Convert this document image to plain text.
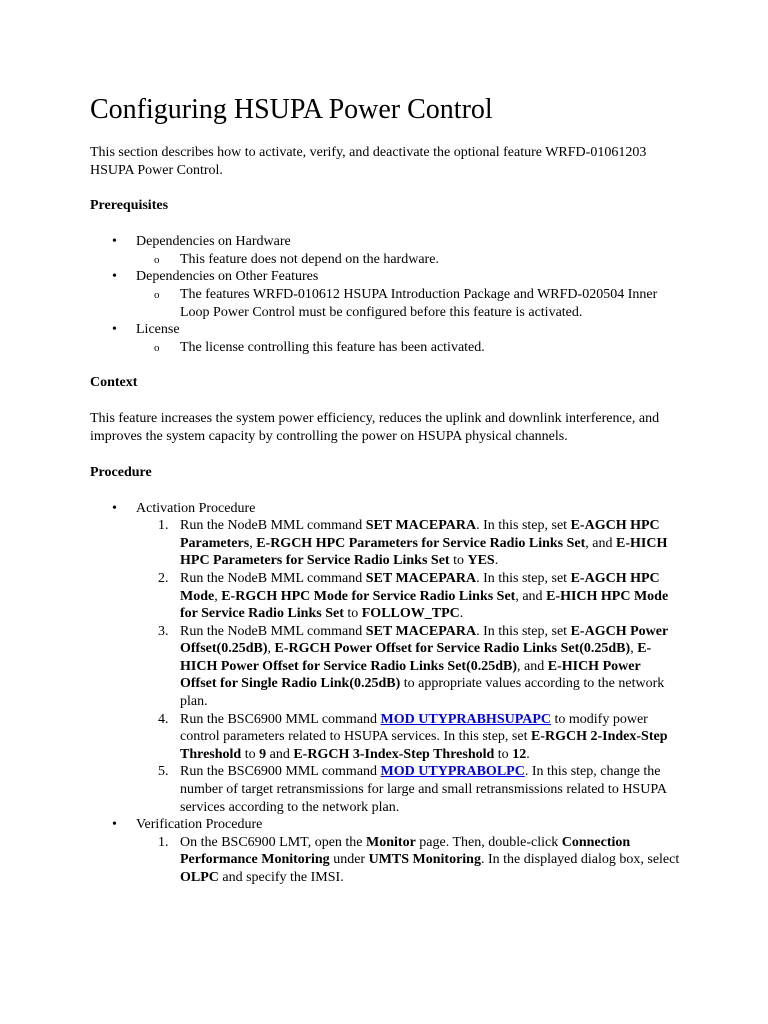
Configuring HSUPA Power Control

This section describes how to activate, verify, and deactivate the optional feature WRFD-01061203 HSUPA Power Control.

Prerequisites
• Dependencies on Hardware
o This feature does not depend on the hardware.
• Dependencies on Other Features
o The features WRFD-010612 HSUPA Introduction Package and WRFD-020504 Inner Loop Power Control must be configured before this feature is activated.
• License
o The license controlling this feature has been activated.
Context

This feature increases the system power efficiency, reduces the uplink and downlink interference, and improves the system capacity by controlling the power on HSUPA physical channels.

Procedure
• Activation Procedure
1. Run the NodeB MML command SET MACEPARA. In this step, set E-AGCH HPC Parameters, E-RGCH HPC Parameters for Service Radio Links Set, and E-HICH HPC Parameters for Service Radio Links Set to YES.
2. Run the NodeB MML command SET MACEPARA. In this step, set E-AGCH HPC Mode, E-RGCH HPC Mode for Service Radio Links Set, and E-HICH HPC Mode for Service Radio Links Set to FOLLOW_TPC.
3. Run the NodeB MML command SET MACEPARA. In this step, set E-AGCH Power Offset(0.25dB), E-RGCH Power Offset for Service Radio Links Set(0.25dB), E-HICH Power Offset for Service Radio Links Set(0.25dB), and E-HICH Power Offset for Single Radio Link(0.25dB) to appropriate values according to the network plan.
4. Run the BSC6900 MML command MOD UTYPRABHSUPAPC to modify power control parameters related to HSUPA services. In this step, set E-RGCH 2-Index-Step Threshold to 9 and E-RGCH 3-Index-Step Threshold to 12.
5. Run the BSC6900 MML command MOD UTYPRABOLPC. In this step, change the number of target retransmissions for large and small retransmissions related to HSUPA services according to the network plan.
• Verification Procedure
1. On the BSC6900 LMT, open the Monitor page. Then, double-click Connection Performance Monitoring under UMTS Monitoring. In the displayed dialog box, select OLPC and specify the IMSI.
